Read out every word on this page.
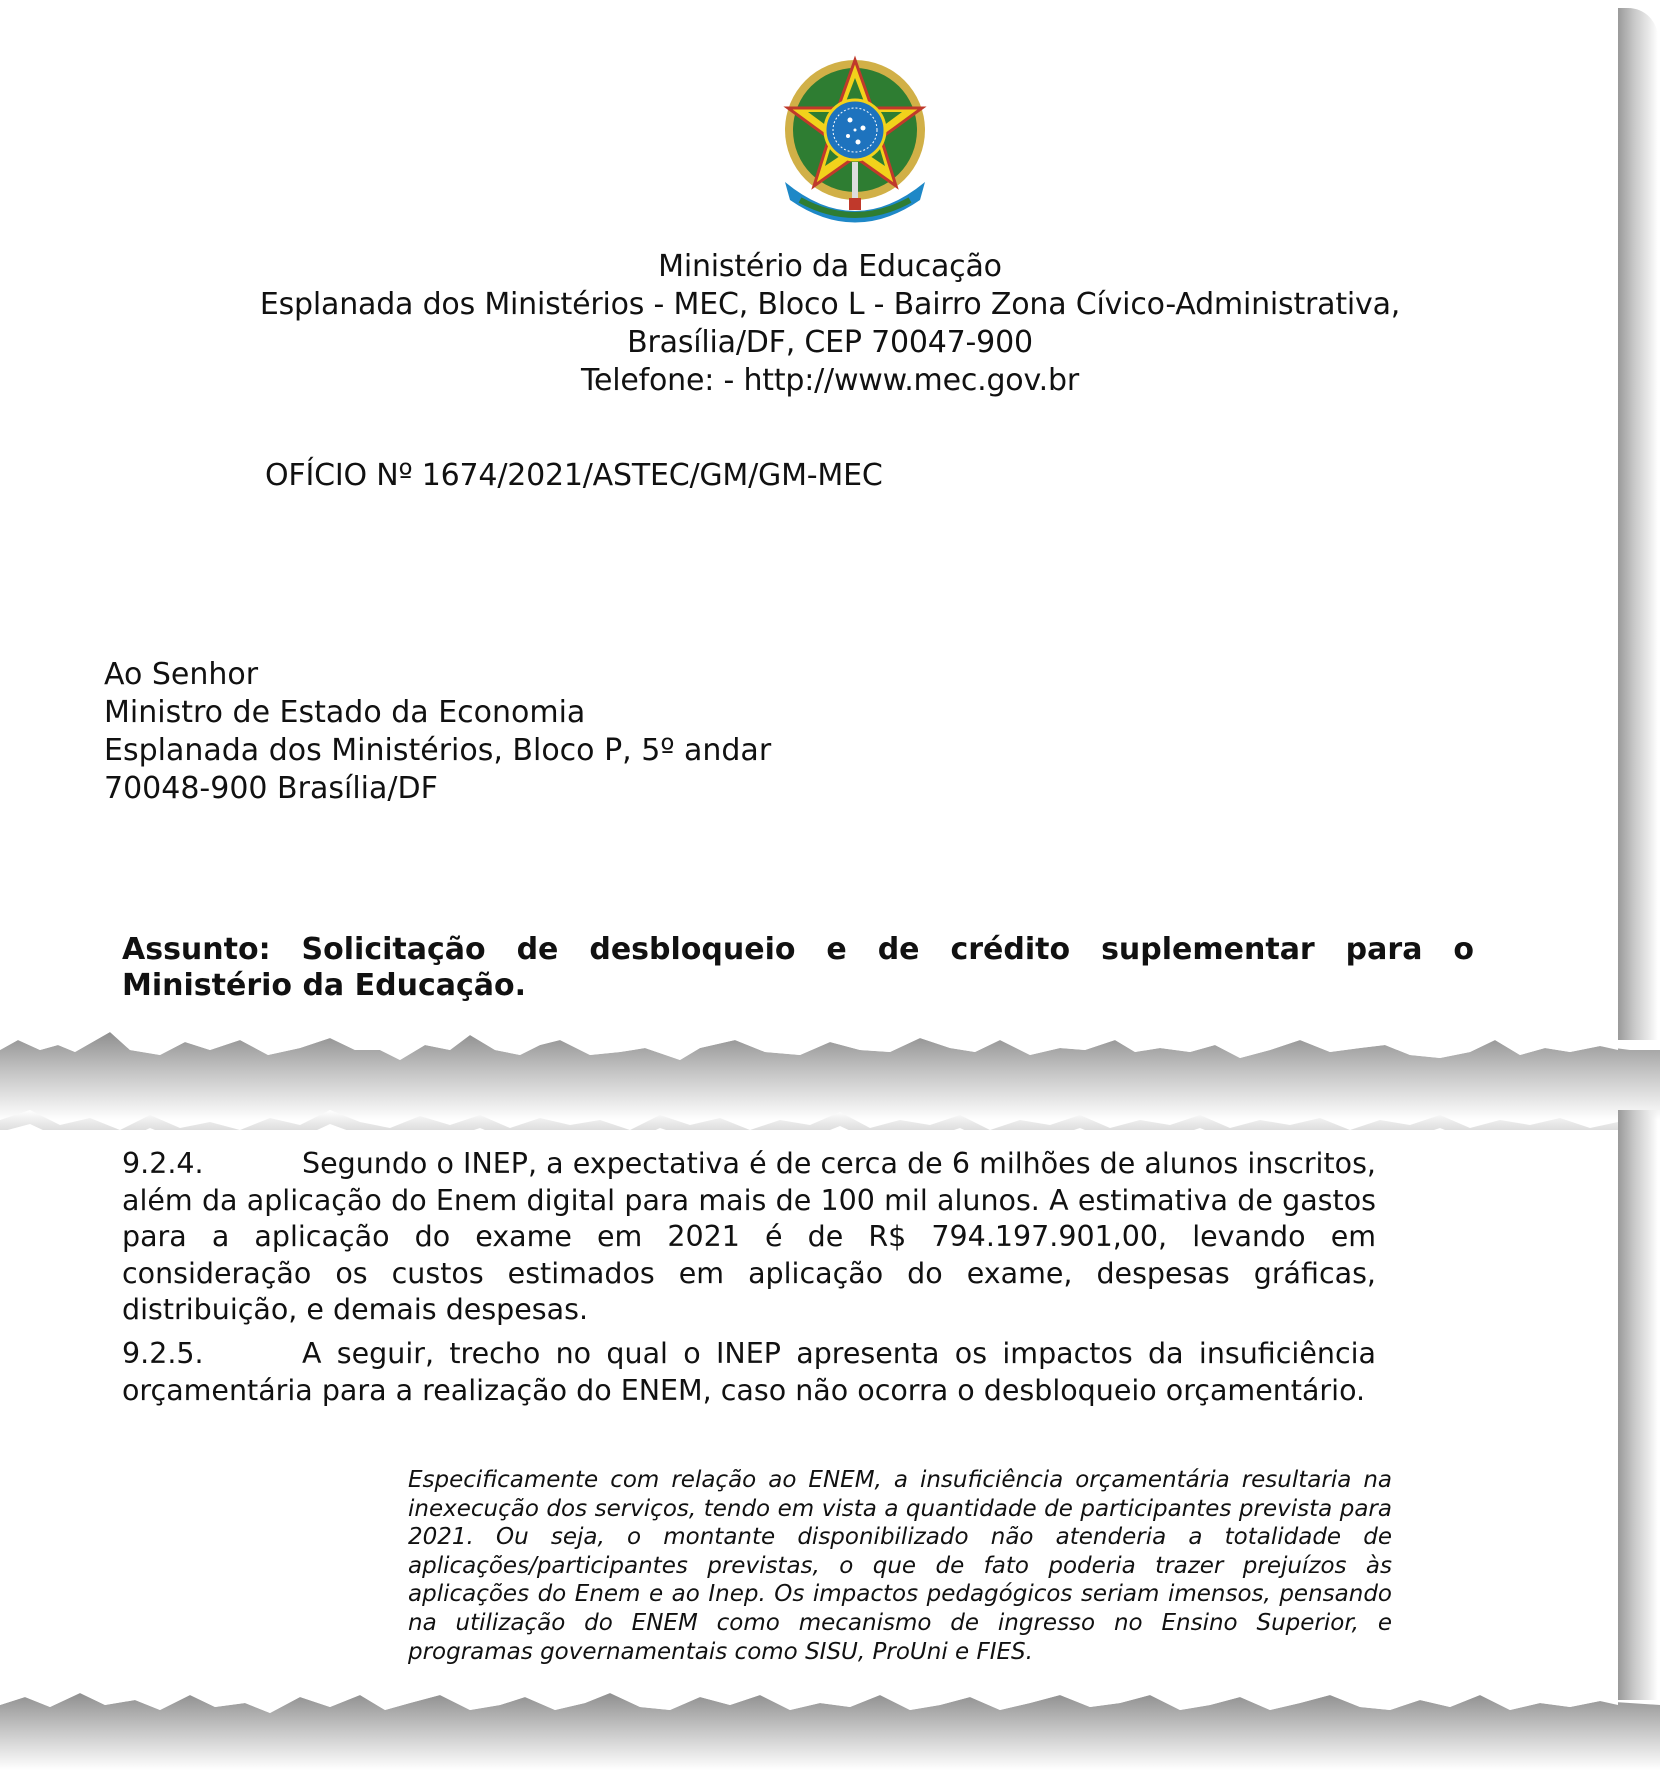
Ministério da Educação
Esplanada dos Ministérios - MEC, Bloco L - Bairro Zona Cívico-Administrativa,
Brasília/DF, CEP 70047-900
Telefone: - http://www.mec.gov.br
OFÍCIO Nº 1674/2021/ASTEC/GM/GM-MEC
Ao Senhor
Ministro de Estado da Economia
Esplanada dos Ministérios, Bloco P, 5º andar
70048-900 Brasília/DF
Assunto: Solicitação de desbloqueio e de crédito suplementar para o
Ministério da Educação.
9.2.4.	Segundo o INEP, a expectativa é de cerca de 6 milhões de alunos inscritos, além da aplicação do Enem digital para mais de 100 mil alunos. A estimativa de gastos para a aplicação do exame em 2021 é de R$ 794.197.901,00, levando em consideração os custos estimados em aplicação do exame, despesas gráficas, distribuição, e demais despesas.
9.2.5.	A seguir, trecho no qual o INEP apresenta os impactos da insuficiência orçamentária para a realização do ENEM, caso não ocorra o desbloqueio orçamentário.
Especificamente com relação ao ENEM, a insuficiência orçamentária resultaria na inexecução dos serviços, tendo em vista a quantidade de participantes prevista para 2021. Ou seja, o montante disponibilizado não atenderia a totalidade de aplicações/participantes previstas, o que de fato poderia trazer prejuízos às aplicações do Enem e ao Inep. Os impactos pedagógicos seriam imensos, pensando na utilização do ENEM como mecanismo de ingresso no Ensino Superior, e programas governamentais como SISU, ProUni e FIES.
